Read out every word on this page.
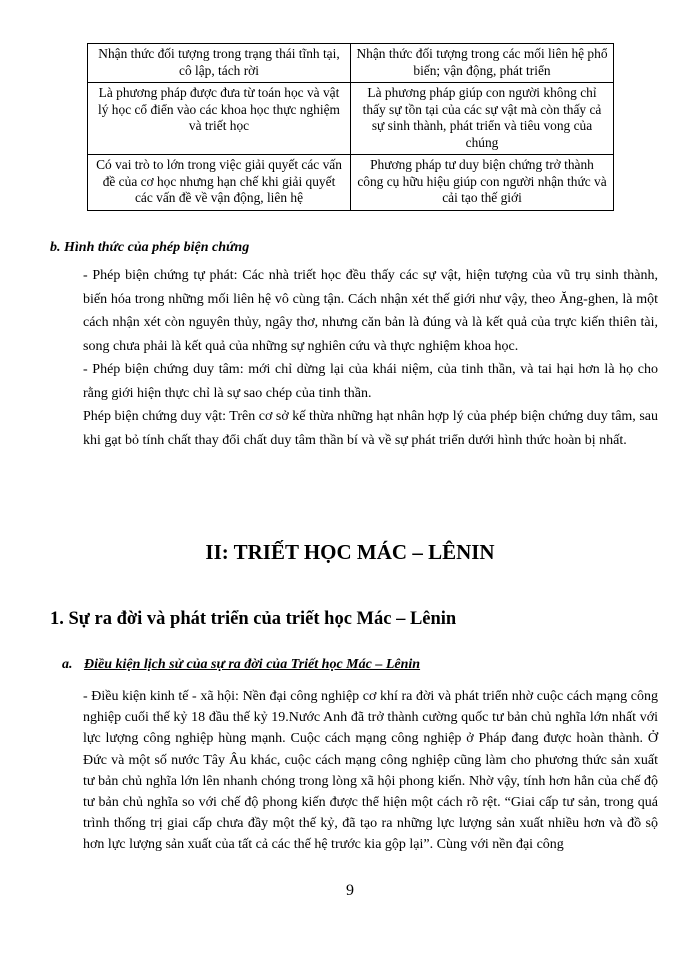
Nhận thức đối tượng trong trạng thái tĩnh tại, cô lập, tách rời	Nhận thức đối tượng trong các mối liên hệ phổ biến; vận động, phát triển
Là phương pháp được đưa từ toán học và vật lý học cổ điển vào các khoa học thực nghiệm và triết học	Là phương pháp giúp con người không chỉ thấy sự tồn tại của các sự vật mà còn thấy cả sự sinh thành, phát triển và tiêu vong của chúng
Có vai trò to lớn trong việc giải quyết các vấn đề của cơ học nhưng hạn chế khi giải quyết các vấn đề về vận động, liên hệ	Phương pháp tư duy biện chứng trở thành công cụ hữu hiệu giúp con người nhận thức và cải tạo thế giới
b. Hình thức của phép biện chứng
- Phép biện chứng tự phát: Các nhà triết học đều thấy các sự vật, hiện tượng của vũ trụ sinh thành, biến hóa trong những mối liên hệ vô cùng tận. Cách nhận xét thế giới như vậy, theo Ăng-ghen, là một cách nhận xét còn nguyên thủy, ngây thơ, nhưng căn bản là đúng và là kết quả của trực kiến thiên tài, song chưa phải là kết quả của những sự nghiên cứu và thực nghiệm khoa học.
- Phép biện chứng duy tâm: mới chỉ dừng lại của khái niệm, của tinh thần, và tai hại hơn là họ cho rằng giới hiện thực chỉ là sự sao chép của tinh thần.
Phép biện chứng duy vật: Trên cơ sở kế thừa những hạt nhân hợp lý của phép biện chứng duy tâm, sau khi gạt bỏ tính chất thay đổi chất duy tâm thần bí và về sự phát triển dưới hình thức hoàn bị nhất.
II: TRIẾT HỌC MÁC – LÊNIN
1. Sự ra đời và phát triển của triết học Mác – Lênin
a. Điều kiện lịch sử của sự ra đời của Triết học Mác – Lênin
- Điều kiện kinh tế - xã hội: Nền đại công nghiệp cơ khí ra đời và phát triển nhờ cuộc cách mạng công nghiệp cuối thế kỷ 18 đầu thế kỷ 19.Nước Anh đã trở thành cường quốc tư bản chủ nghĩa lớn nhất với lực lượng công nghiệp hùng mạnh. Cuộc cách mạng công nghiệp ở Pháp đang được hoàn thành. Ở Đức và một số nước Tây Âu khác, cuộc cách mạng công nghiệp cũng làm cho phương thức sản xuất tư bản chủ nghĩa lớn lên nhanh chóng trong lòng xã hội phong kiến. Nhờ vậy, tính hơn hẳn của chế độ tư bản chủ nghĩa so với chế độ phong kiến được thể hiện một cách rõ rệt. “Giai cấp tư sản, trong quá trình thống trị giai cấp chưa đầy một thế kỷ, đã tạo ra những lực lượng sản xuất nhiều hơn và đồ sộ hơn lực lượng sản xuất của tất cả các thế hệ trước kia gộp lại”. Cùng với nền đại công
9
